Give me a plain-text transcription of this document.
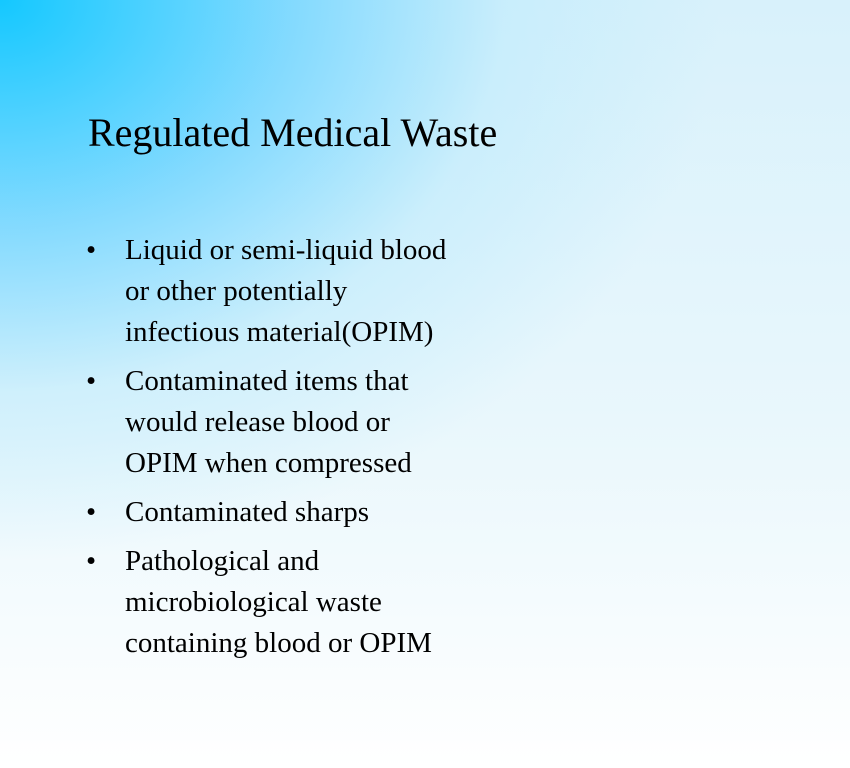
Regulated Medical Waste
• Liquid or semi-liquid blood
or other potentially
infectious material(OPIM)
• Contaminated items that
would release blood or
OPIM when compressed
• Contaminated sharps
• Pathological and
microbiological waste
containing blood or OPIM
